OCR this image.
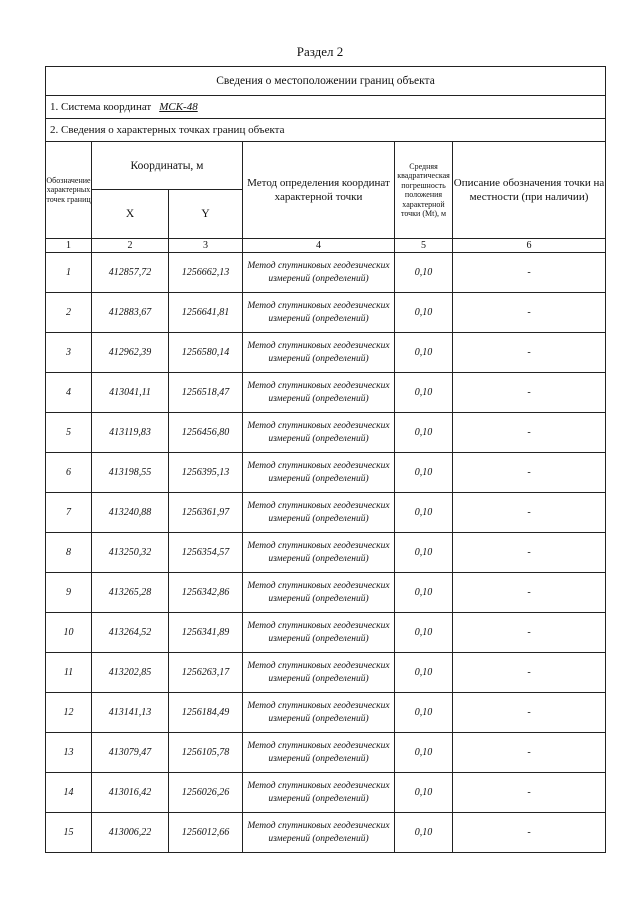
Раздел 2
Сведения о местоположении границ объекта					
1. Система координат МСК-48					
2. Сведения о характерных точках границ объекта					
Обозначение характерных точек границ	Координаты, м		Метод определения координат характерной точки	Средняя квадратическая погрешность положения характерной точки (Mt), м	Описание обозначения точки на местности (при наличии)
	X	Y			
1	2	3	4	5	6
1	412857,72	1256662,13	Метод спутниковых геодезических измерений (определений)	0,10	-
2	412883,67	1256641,81	Метод спутниковых геодезических измерений (определений)	0,10	-
3	412962,39	1256580,14	Метод спутниковых геодезических измерений (определений)	0,10	-
4	413041,11	1256518,47	Метод спутниковых геодезических измерений (определений)	0,10	-
5	413119,83	1256456,80	Метод спутниковых геодезических измерений (определений)	0,10	-
6	413198,55	1256395,13	Метод спутниковых геодезических измерений (определений)	0,10	-
7	413240,88	1256361,97	Метод спутниковых геодезических измерений (определений)	0,10	-
8	413250,32	1256354,57	Метод спутниковых геодезических измерений (определений)	0,10	-
9	413265,28	1256342,86	Метод спутниковых геодезических измерений (определений)	0,10	-
10	413264,52	1256341,89	Метод спутниковых геодезических измерений (определений)	0,10	-
11	413202,85	1256263,17	Метод спутниковых геодезических измерений (определений)	0,10	-
12	413141,13	1256184,49	Метод спутниковых геодезических измерений (определений)	0,10	-
13	413079,47	1256105,78	Метод спутниковых геодезических измерений (определений)	0,10	-
14	413016,42	1256026,26	Метод спутниковых геодезических измерений (определений)	0,10	-
15	413006,22	1256012,66	Метод спутниковых геодезических измерений (определений)	0,10	-
